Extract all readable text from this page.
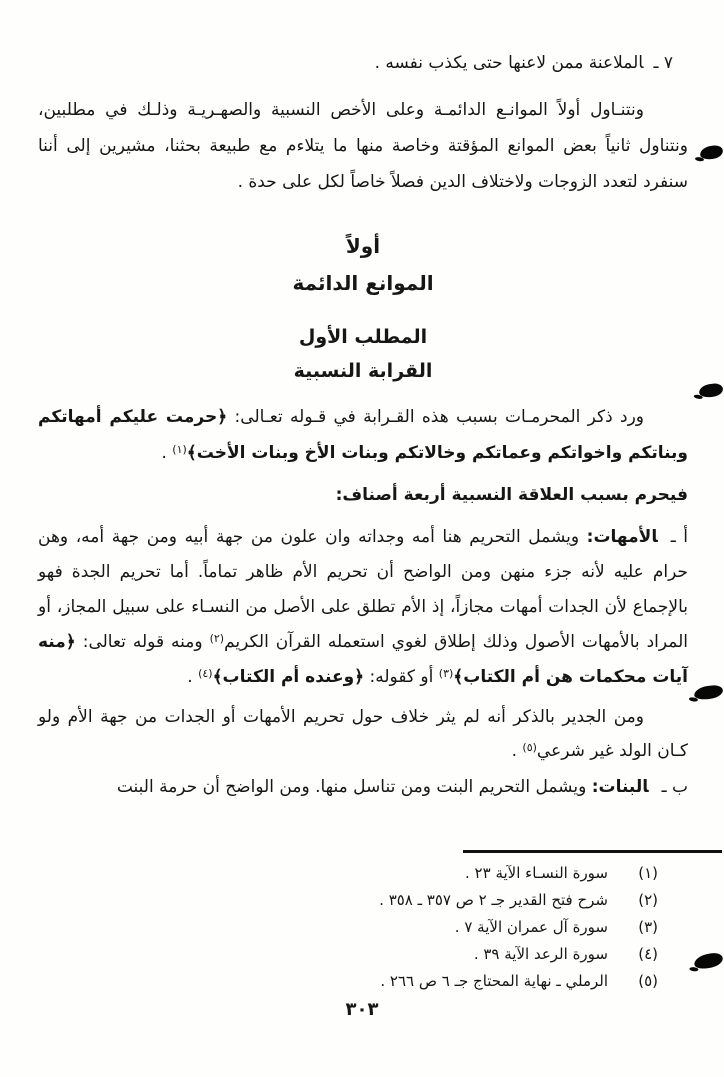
٧ ـالملاعنة ممن لاعنها حتى يكذب نفسه .

ونتنـاول أولاً الموانـع الدائمـة وعلى الأخص النسبية والصهـريـة وذلـك في مطلبين، ونتناول ثانياً بعض الموانع المؤقتة وخاصة منها ما يتلاءم مع طبيعة بحثنا، مشيرين إلى أننا سنفرد لتعدد الزوجات ولاختلاف الدين فصلاً خاصاً لكل على حدة .

أولاً
الموانع الدائمة
المطلب الأول
القرابة النسبية

ورد ذكر المحرمـات بسبب هذه القـرابة في قـوله تعـالى: ﴿حرمت عليكم أمهاتكم وبناتكم واخواتكم وعماتكم وخالاتكم وبنات الأخ وبنات الأخت﴾$^{(١)}$ .

فيحرم بسبب العلاقة النسبية أربعة أصناف:

أ ـالأمهات: ويشمل التحريم هنا أمه وجداته وان علون من جهة أبيه ومن جهة أمه، وهن حرام عليه لأنه جزء منهن ومن الواضح أن تحريم الأم ظاهر تماماً. أما تحريم الجدة فهو بالإجماع لأن الجدات أمهات مجازاً، إذ الأم تطلق على الأصل من النسـاء على سبيل المجاز، أو المراد بالأمهات الأصول وذلك إطلاق لغوي استعمله القرآن الكريم$^{(٢)}$ ومنه قوله تعالى: ﴿منه آيات محكمات هن أم الكتاب﴾$^{(٣)}$ أو كقوله: ﴿وعنده أم الكتاب﴾$^{(٤)}$ .

ومن الجدير بالذكر أنه لم يثر خلاف حول تحريم الأمهات أو الجدات من جهة الأم ولو كـان الولد غير شرعي$^{(٥)}$ .

ب ـالبنات: ويشمل التحريم البنت ومن تناسل منها. ومن الواضح أن حرمة البنت
(١)
سورة النسـاء الآية ٢٣ .
(٢)
شرح فتح القدير جـ ٢ ص ٣٥٧ ـ ٣٥٨ .
(٣)
سورة آل عمران الآية ٧ .
(٤)
سورة الرعد الآية ٣٩ .
(٥)
الرملي ـ نهاية المحتاج جـ ٦ ص ٢٦٦ .
٣٠٣
